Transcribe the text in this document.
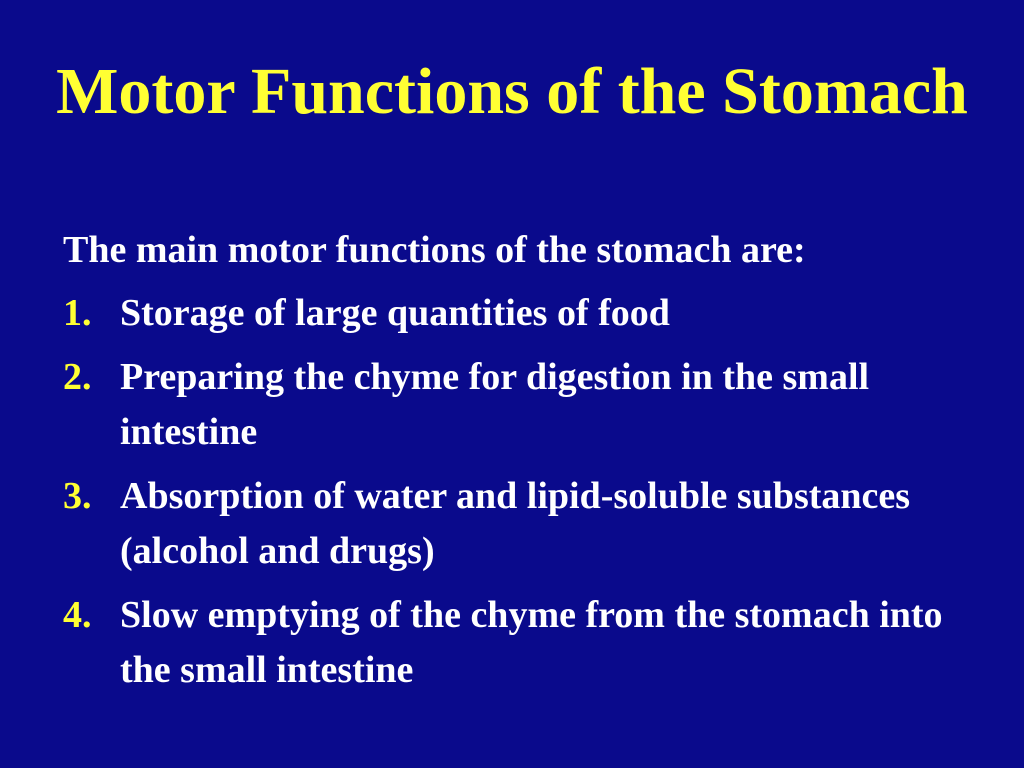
Motor Functions of the Stomach

The main motor functions of the stomach are:

1. Storage of large quantities of food
2. Preparing the chyme for digestion in the small intestine
3. Absorption of water and lipid-soluble substances (alcohol and drugs)
4. Slow emptying of the chyme from the stomach into the small intestine
